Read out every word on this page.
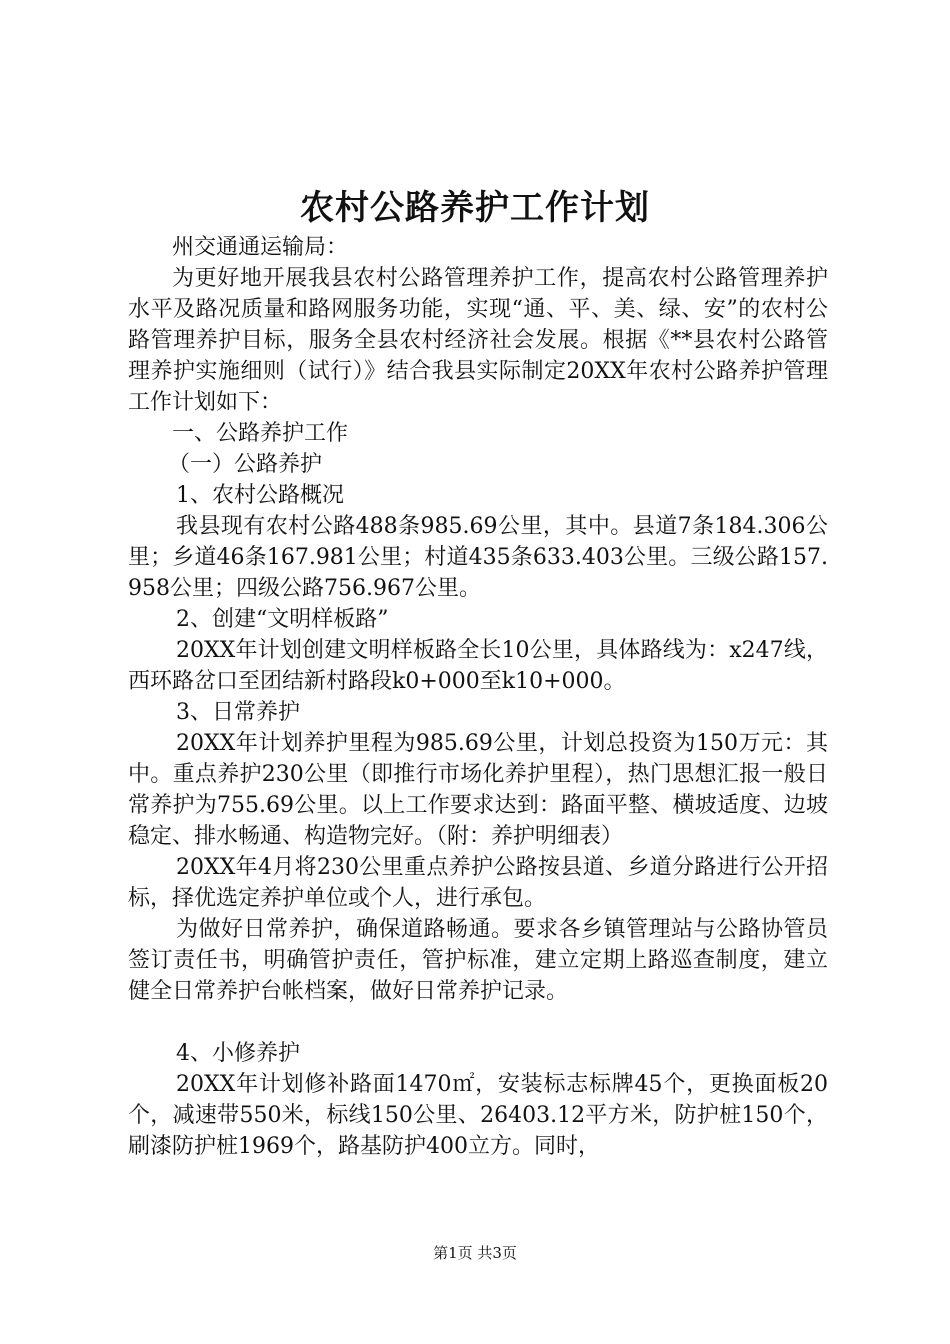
农村公路养护工作计划

州交通通运输局：

为更好地开展我县农村公路管理养护工作，提高农村公路管理养护水平及路况质量和路网服务功能，实现“通、平、美、绿、安”的农村公路管理养护目标，服务全县农村经济社会发展。根据《**县农村公路管理养护实施细则（试行）》结合我县实际制定20XX年农村公路养护管理工作计划如下：

一、公路养护工作

（一）公路养护

1、农村公路概况

我县现有农村公路488条985.69公里，其中。县道7条184.306公里；乡道46条167.981公里；村道435条633.403公里。三级公路157.958公里；四级公路756.967公里。

2、创建“文明样板路”

20XX年计划创建文明样板路全长10公里，具体路线为：x247线，西环路岔口至团结新村路段k0+000至k10+000。

3、日常养护

20XX年计划养护里程为985.69公里，计划总投资为150万元：其中。重点养护230公里（即推行市场化养护里程），热门思想汇报一般日常养护为755.69公里。以上工作要求达到：路面平整、横坡适度、边坡稳定、排水畅通、构造物完好。（附：养护明细表）

20XX年4月将230公里重点养护公路按县道、乡道分路进行公开招标，择优选定养护单位或个人，进行承包。

为做好日常养护，确保道路畅通。要求各乡镇管理站与公路协管员签订责任书，明确管护责任，管护标准，建立定期上路巡查制度，建立健全日常养护台帐档案，做好日常养护记录。

4、小修养护

20XX年计划修补路面1470㎡，安装标志标牌45个，更换面板20个，减速带550米，标线150公里、26403.12平方米，防护桩150个，刷漆防护桩1969个，路基防护400立方。同时，

第1页 共3页
